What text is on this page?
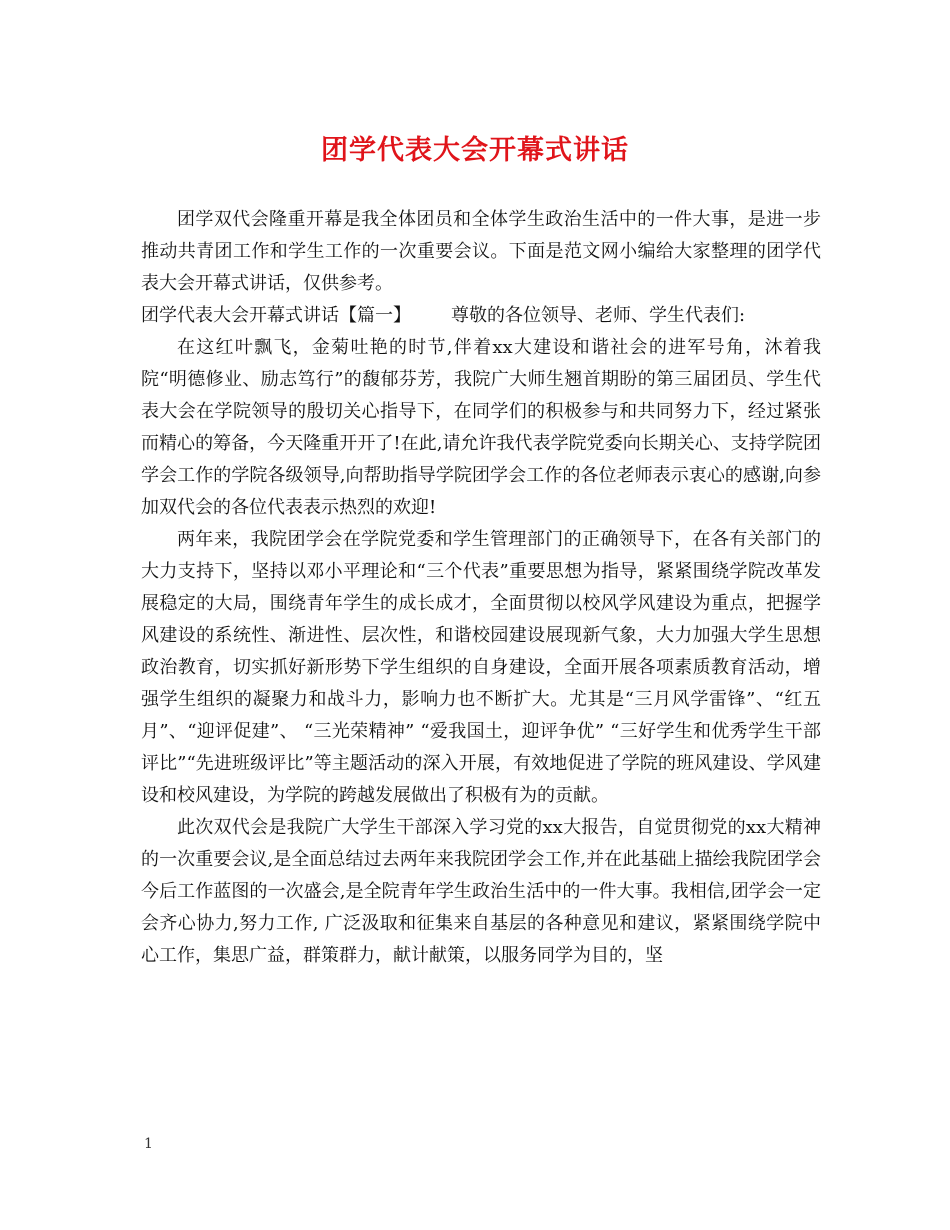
团学代表大会开幕式讲话

团学双代会隆重开幕是我全体团员和全体学生政治生活中的一件大事，是进一步推动共青团工作和学生工作的一次重要会议。下面是范文网小编给大家整理的团学代表大会开幕式讲话，仅供参考。

团学代表大会开幕式讲话【篇一】 尊敬的各位领导、老师、学生代表们:

在这红叶飘飞，金菊吐艳的时节,伴着xx大建设和谐社会的进军号角，沐着我院“明德修业、励志笃行”的馥郁芬芳，我院广大师生翘首期盼的第三届团员、学生代表大会在学院领导的殷切关心指导下，在同学们的积极参与和共同努力下，经过紧张而精心的筹备，今天隆重开开了!在此,请允许我代表学院党委向长期关心、支持学院团学会工作的学院各级领导,向帮助指导学院团学会工作的各位老师表示衷心的感谢,向参加双代会的各位代表表示热烈的欢迎!

两年来，我院团学会在学院党委和学生管理部门的正确领导下，在各有关部门的大力支持下，坚持以邓小平理论和“三个代表”重要思想为指导，紧紧围绕学院改革发展稳定的大局，围绕青年学生的成长成才，全面贯彻以校风学风建设为重点，把握学风建设的系统性、渐进性、层次性，和谐校园建设展现新气象，大力加强大学生思想政治教育，切实抓好新形势下学生组织的自身建设，全面开展各项素质教育活动，增强学生组织的凝聚力和战斗力，影响力也不断扩大。尤其是“三月风学雷锋”、“红五月”、“迎评促建”、 “三光荣精神” “爱我国土，迎评争优” “三好学生和优秀学生干部评比”“先进班级评比”等主题活动的深入开展，有效地促进了学院的班风建设、学风建设和校风建设，为学院的跨越发展做出了积极有为的贡献。

此次双代会是我院广大学生干部深入学习党的xx大报告，自觉贯彻党的xx大精神的一次重要会议,是全面总结过去两年来我院团学会工作,并在此基础上描绘我院团学会今后工作蓝图的一次盛会,是全院青年学生政治生活中的一件大事。我相信,团学会一定会齐心协力,努力工作, 广泛汲取和征集来自基层的各种意见和建议，紧紧围绕学院中心工作，集思广益，群策群力，献计献策，以服务同学为目的，坚

1
